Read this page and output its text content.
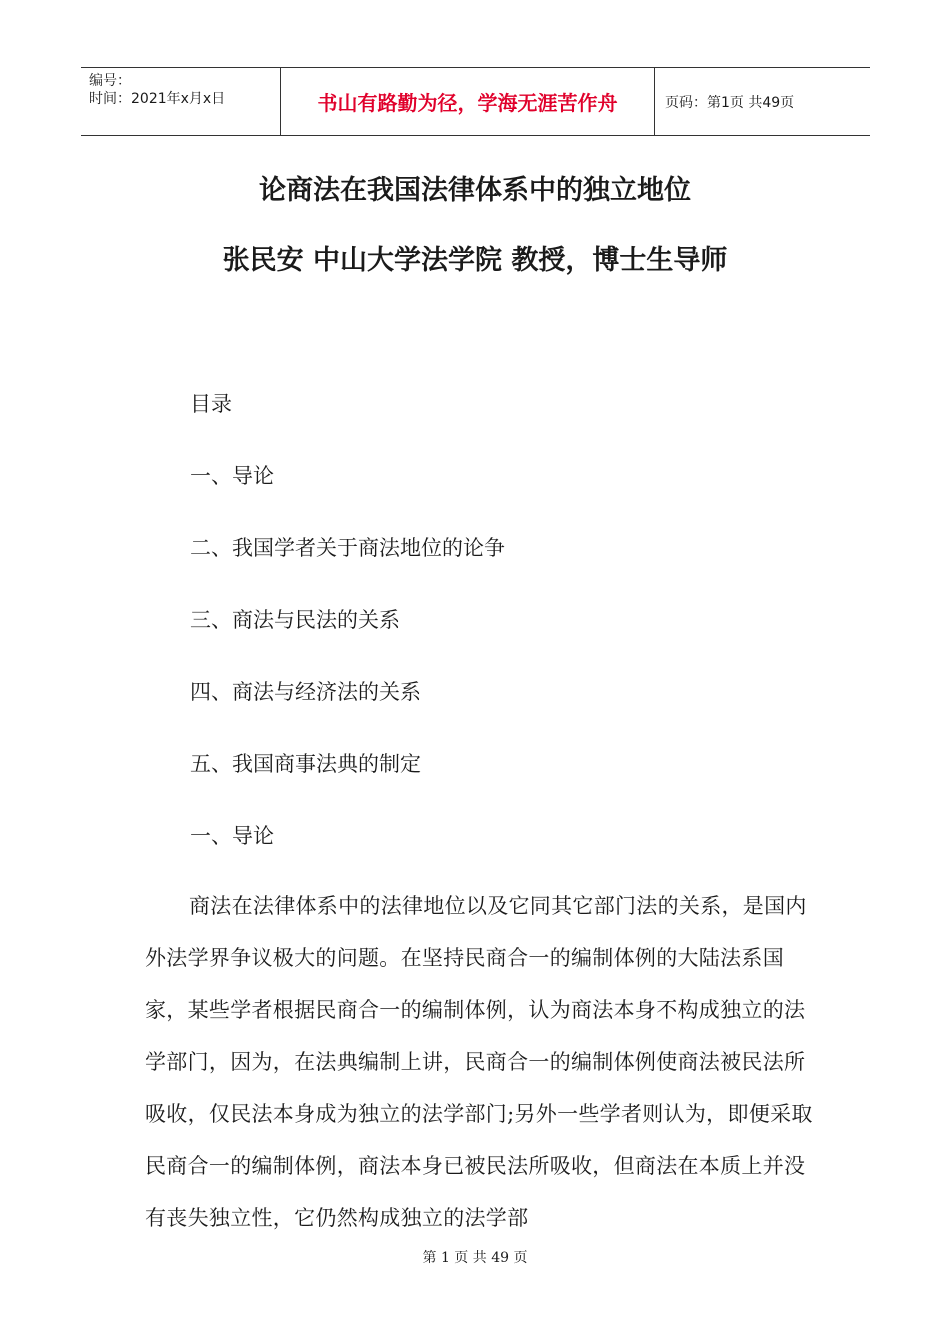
编号：
时间：2021年x月x日	书山有路勤为径，学海无涯苦作舟	页码：第1页 共49页
论商法在我国法律体系中的独立地位
张民安 中山大学法学院 教授，博士生导师
目录
一、导论
二、我国学者关于商法地位的论争
三、商法与民法的关系
四、商法与经济法的关系
五、我国商事法典的制定
一、导论
商法在法律体系中的法律地位以及它同其它部门法的关系，是国内外法学界争议极大的问题。在坚持民商合一的编制体例的大陆法系国家，某些学者根据民商合一的编制体例，认为商法本身不构成独立的法学部门，因为，在法典编制上讲，民商合一的编制体例使商法被民法所吸收，仅民法本身成为独立的法学部门;另外一些学者则认为，即便采取民商合一的编制体例，商法本身已被民法所吸收，但商法在本质上并没有丧失独立性，它仍然构成独立的法学部
第 1 页 共 49 页
